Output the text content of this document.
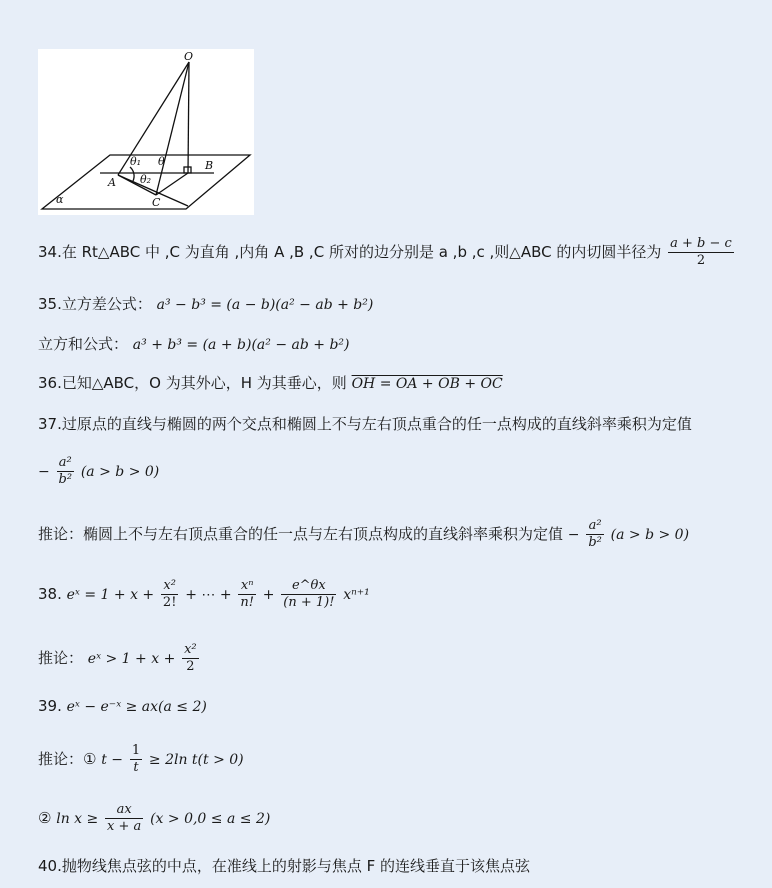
O
A
B
C
θ₁ θ
θ₂
α
34.在 Rt△ABC 中 ,C 为直角 ,内角 A ,B ,C 所对的边分别是 a ,b ,c ,则△ABC 的内切圆半径为 $\frac{a + b - c}{2}$
35.立方差公式： a³ − b³ = (a − b)(a² − ab + b²)
立方和公式： a³ + b³ = (a + b)(a² − ab + b²)
36.已知△ABC，O 为其外心，H 为其垂心，则 OH = OA + OB + OC
37.过原点的直线与椭圆的两个交点和椭圆上不与左右顶点重合的任一点构成的直线斜率乘积为定值
− $\frac{\text{a²}}{\text{b²}} (a > b > 0)$
推论：椭圆上不与左右顶点重合的任一点与左右顶点构成的直线斜率乘积为定值 − $\frac{\text{a²}}{\text{b²}} (a > b > 0)$
38. eˣ = $1 + x + \frac{\text{x²}}{2!}$ + ⋯ + $\frac{\text{xⁿ}}{n!} + \frac{e\^{}\theta x}{(n + 1)!} x^{n+1}$
推论： eˣ > $1 + x + \frac{\text{x²}}{2}$
39. eˣ − e⁻ˣ ≥ ax(a ≤ 2)
推论：① $t - \frac{1}{t} \ge 2\ln$ t(t > 0)
② $\ln x \ge \frac{ax}{x + a} (x > 0,0 \le a \le 2)$
40.抛物线焦点弦的中点，在准线上的射影与焦点 F 的连线垂直于该焦点弦
